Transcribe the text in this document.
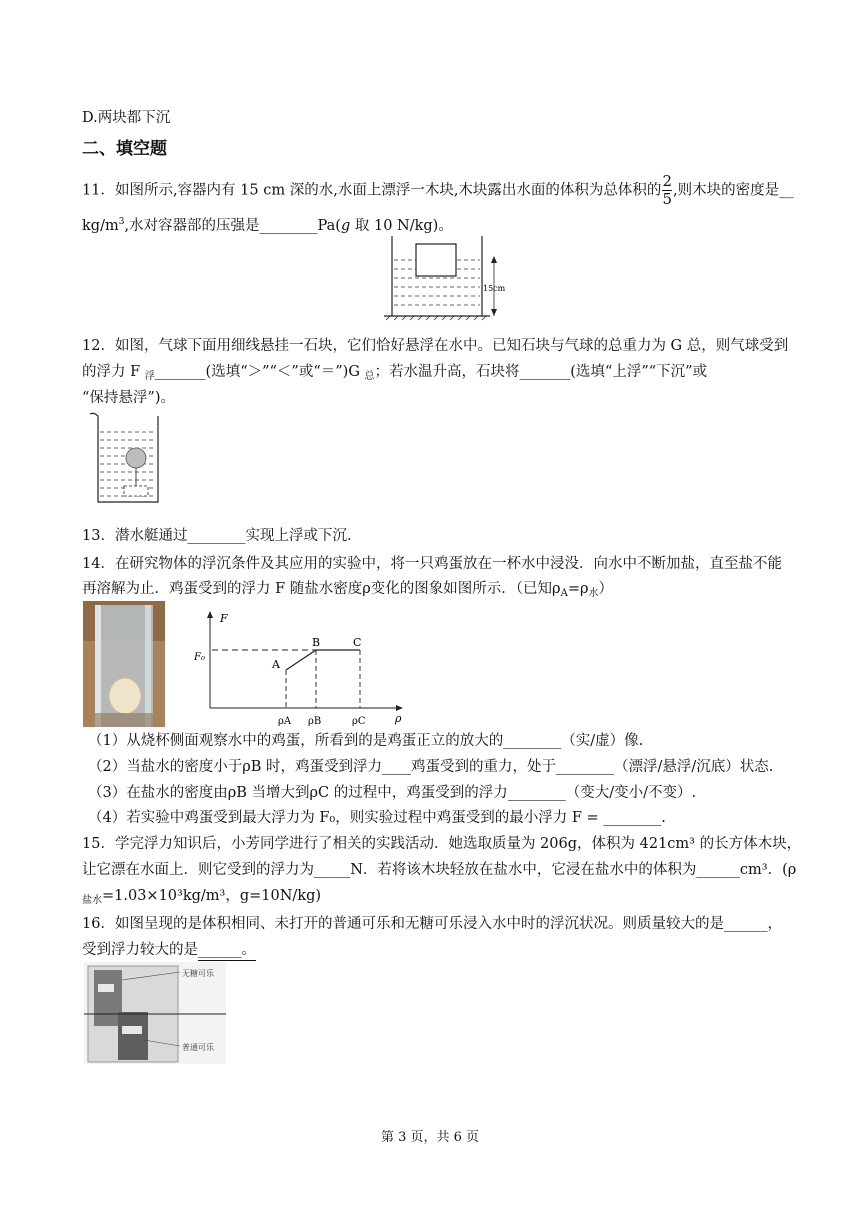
D.两块都下沉
二、填空题
11．如图所示,容器内有 15 cm 深的水,水面上漂浮一木块,木块露出水面的体积为总体积的 $\frac{2}{5}$ ,则木块的密度是__
$kg/m^3$,水对容器部的压强是________Pa(g 取 10 N/kg)。
15cm
12．如图，气球下面用细线悬挂一石块，它们恰好悬浮在水中。已知石块与气球的总重力为 G 总，则气球受到
的浮力 F $_浮$_______(选填“＞”“＜”或“＝”)G $_总$；若水温升高，石块将_______(选填“上浮”“下沉”或
“保持悬浮”)。
13．潜水艇通过________实现上浮或下沉．
14．在研究物体的浮沉条件及其应用的实验中，将一只鸡蛋放在一杯水中浸没．向水中不断加盐，直至盐不能
再溶解为止．鸡蛋受到的浮力 F 随盐水密度ρ变化的图象如图所示．（已知$\rho_A=\rho_水$）
F
ρ
F₀
A
B	C
ρA ρB	ρC
（1）从烧杯侧面观察水中的鸡蛋，所看到的是鸡蛋正立的放大的________（实/虚）像.
（2）当盐水的密度小于ρB 时，鸡蛋受到浮力____鸡蛋受到的重力，处于________（漂浮/悬浮/沉底）状态.
（3）在盐水的密度由ρB 当增大到ρC 的过程中，鸡蛋受到的浮力________（变大/变小/不变）.
（4）若实验中鸡蛋受到最大浮力为 F₀，则实验过程中鸡蛋受到的最小浮力 F = ________.
15．学完浮力知识后，小芳同学进行了相关的实践活动．她选取质量为 206g，体积为 421cm³ 的长方体木块，
让它漂在水面上．则它受到的浮力为_____N．若将该木块轻放在盐水中，它浸在盐水中的体积为______cm³．(ρ
$_{盐水}$=1.03×10³kg/m³，g=10N/kg)
16．如图呈现的是体积相同、未打开的普通可乐和无糖可乐浸入水中时的浮沉状况。则质量较大的是______，
受到浮力较大的是______。
无糖可乐
普通可乐
第 3 页，共 6 页
